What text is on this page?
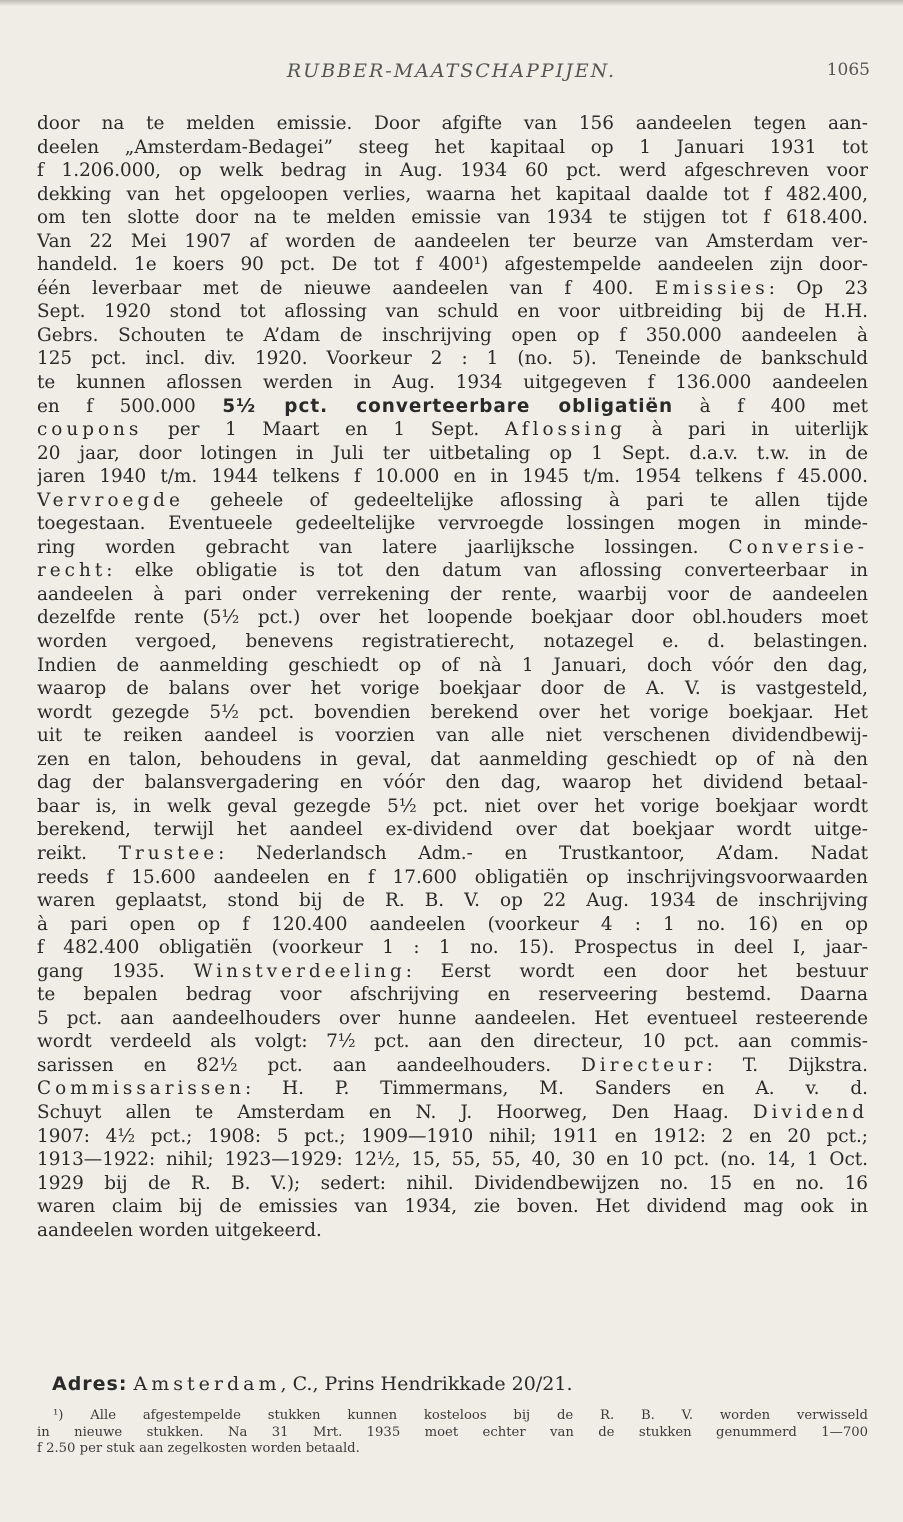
RUBBER-MAATSCHAPPIJEN.	1065
door na te melden emissie. Door afgifte van 156 aandeelen tegen aan-
deelen „Amsterdam-Bedagei” steeg het kapitaal op 1 Januari 1931 tot
f 1.206.000, op welk bedrag in Aug. 1934 60 pct. werd afgeschreven voor
dekking van het opgeloopen verlies, waarna het kapitaal daalde tot f 482.400,
om ten slotte door na te melden emissie van 1934 te stijgen tot f 618.400.
Van 22 Mei 1907 af worden de aandeelen ter beurze van Amsterdam ver-
handeld. 1e koers 90 pct. De tot f 400¹) afgestempelde aandeelen zijn door-
één leverbaar met de nieuwe aandeelen van f 400. Emissies: Op 23
Sept. 1920 stond tot aflossing van schuld en voor uitbreiding bij de H.H.
Gebrs. Schouten te A’dam de inschrijving open op f 350.000 aandeelen à
125 pct. incl. div. 1920. Voorkeur 2 : 1 (no. 5). Teneinde de bankschuld
te kunnen aflossen werden in Aug. 1934 uitgegeven f 136.000 aandeelen
en f 500.000 5½ pct. converteerbare obligatiën à f 400 met
coupons per 1 Maart en 1 Sept. Aflossing à pari in uiterlijk
20 jaar, door lotingen in Juli ter uitbetaling op 1 Sept. d.a.v. t.w. in de
jaren 1940 t/m. 1944 telkens f 10.000 en in 1945 t/m. 1954 telkens f 45.000.
Vervroegde geheele of gedeeltelijke aflossing à pari te allen tijde
toegestaan. Eventueele gedeeltelijke vervroegde lossingen mogen in minde-
ring worden gebracht van latere jaarlijksche lossingen. Conversie-
recht: elke obligatie is tot den datum van aflossing converteerbaar in
aandeelen à pari onder verrekening der rente, waarbij voor de aandeelen
dezelfde rente (5½ pct.) over het loopende boekjaar door obl.houders moet
worden vergoed, benevens registratierecht, notazegel e. d. belastingen.
Indien de aanmelding geschiedt op of nà 1 Januari, doch vóór den dag,
waarop de balans over het vorige boekjaar door de A. V. is vastgesteld,
wordt gezegde 5½ pct. bovendien berekend over het vorige boekjaar. Het
uit te reiken aandeel is voorzien van alle niet verschenen dividendbewij-
zen en talon, behoudens in geval, dat aanmelding geschiedt op of nà den
dag der balansvergadering en vóór den dag, waarop het dividend betaal-
baar is, in welk geval gezegde 5½ pct. niet over het vorige boekjaar wordt
berekend, terwijl het aandeel ex-dividend over dat boekjaar wordt uitge-
reikt. Trustee: Nederlandsch Adm.- en Trustkantoor, A’dam. Nadat
reeds f 15.600 aandeelen en f 17.600 obligatiën op inschrijvingsvoorwaarden
waren geplaatst, stond bij de R. B. V. op 22 Aug. 1934 de inschrijving
à pari open op f 120.400 aandeelen (voorkeur 4 : 1 no. 16) en op
f 482.400 obligatiën (voorkeur 1 : 1 no. 15). Prospectus in deel I, jaar-
gang 1935. Winstverdeeling: Eerst wordt een door het bestuur
te bepalen bedrag voor afschrijving en reserveering bestemd. Daarna
5 pct. aan aandeelhouders over hunne aandeelen. Het eventueel resteerende
wordt verdeeld als volgt: 7½ pct. aan den directeur, 10 pct. aan commis-
sarissen en 82½ pct. aan aandeelhouders. Directeur: T. Dijkstra.
Commissarissen: H. P. Timmermans, M. Sanders en A. v. d.
Schuyt allen te Amsterdam en N. J. Hoorweg, Den Haag. Dividend
1907: 4½ pct.; 1908: 5 pct.; 1909—1910 nihil; 1911 en 1912: 2 en 20 pct.;
1913—1922: nihil; 1923—1929: 12½, 15, 55, 55, 40, 30 en 10 pct. (no. 14, 1 Oct.
1929 bij de R. B. V.); sedert: nihil. Dividendbewijzen no. 15 en no. 16
waren claim bij de emissies van 1934, zie boven. Het dividend mag ook in
aandeelen worden uitgekeerd.
Adres: Amsterdam, C., Prins Hendrikkade 20/21.
¹) Alle afgestempelde stukken kunnen kosteloos bij de R. B. V. worden verwisseld
in nieuwe stukken. Na 31 Mrt. 1935 moet echter van de stukken genummerd 1—700
f 2.50 per stuk aan zegelkosten worden betaald.
